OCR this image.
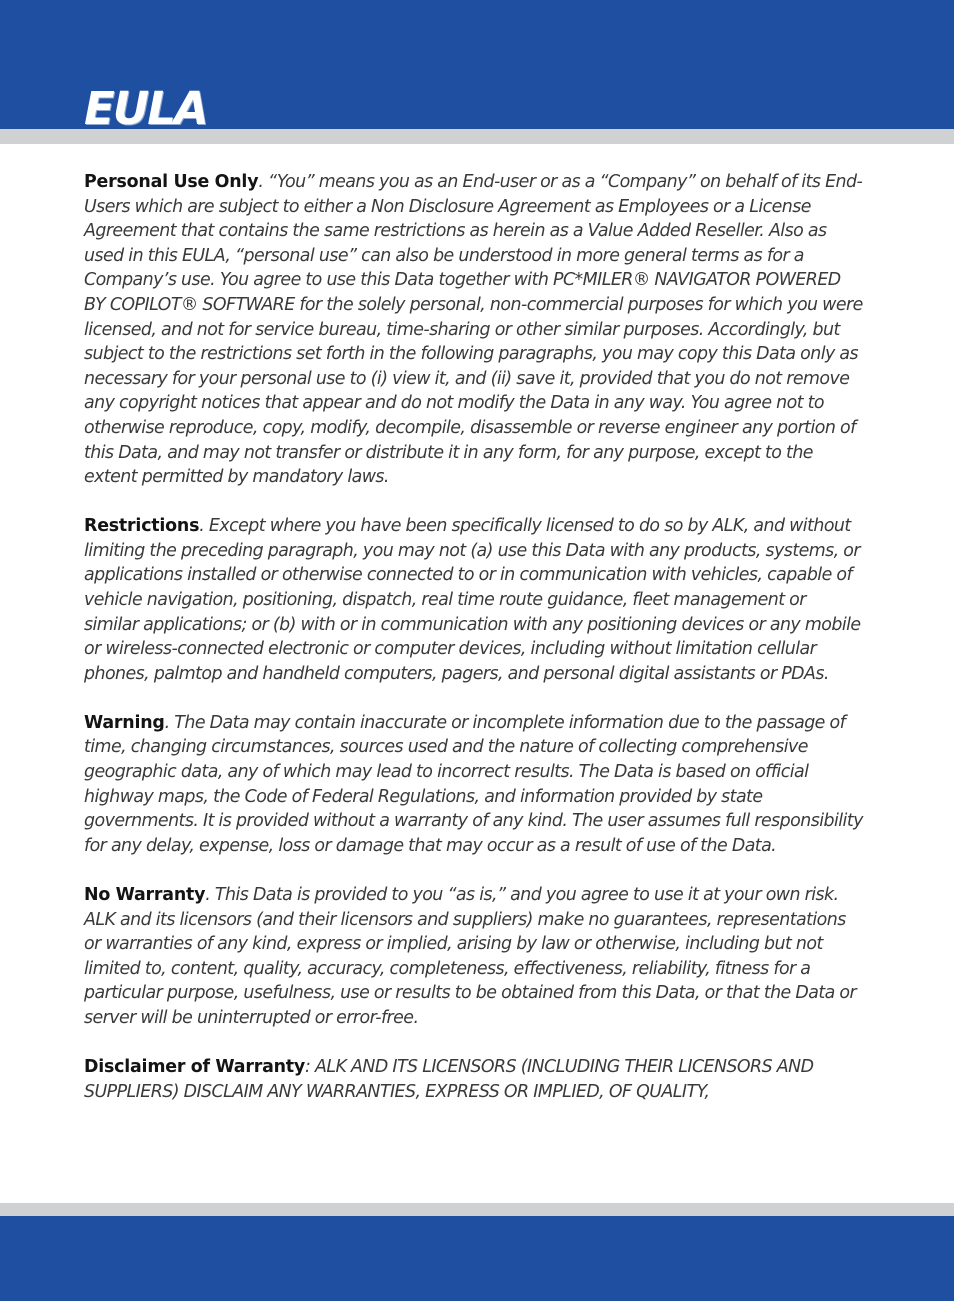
EULA

Personal Use Only. “You” means you as an End-user or as a “Company” on behalf of its End-Users which are subject to either a Non Disclosure Agreement as Employees or a License Agreement that contains the same restrictions as herein as a Value Added Reseller. Also as used in this EULA, “personal use” can also be understood in more general terms as for a Company’s use. You agree to use this Data together with PC*MILER® NAVIGATOR POWERED BY COPILOT® SOFTWARE for the solely personal, non-commercial purposes for which you were licensed, and not for service bureau, time-sharing or other similar purposes. Accordingly, but subject to the restrictions set forth in the following paragraphs, you may copy this Data only as necessary for your personal use to (i) view it, and (ii) save it, provided that you do not remove any copyright notices that appear and do not modify the Data in any way. You agree not to otherwise reproduce, copy, modify, decompile, disassemble or reverse engineer any portion of this Data, and may not transfer or distribute it in any form, for any purpose, except to the extent permitted by mandatory laws.

Restrictions. Except where you have been specifically licensed to do so by ALK, and without limiting the preceding paragraph, you may not (a) use this Data with any products, systems, or applications installed or otherwise connected to or in communication with vehicles, capable of vehicle navigation, positioning, dispatch, real time route guidance, fleet management or similar applications; or (b) with or in communication with any positioning devices or any mobile or wireless-connected electronic or computer devices, including without limitation cellular phones, palmtop and handheld computers, pagers, and personal digital assistants or PDAs.

Warning. The Data may contain inaccurate or incomplete information due to the passage of time, changing circumstances, sources used and the nature of collecting comprehensive geographic data, any of which may lead to incorrect results. The Data is based on official highway maps, the Code of Federal Regulations, and information provided by state governments. It is provided without a warranty of any kind. The user assumes full responsibility for any delay, expense, loss or damage that may occur as a result of use of the Data.

No Warranty. This Data is provided to you “as is,” and you agree to use it at your own risk. ALK and its licensors (and their licensors and suppliers) make no guarantees, representations or warranties of any kind, express or implied, arising by law or otherwise, including but not limited to, content, quality, accuracy, completeness, effectiveness, reliability, fitness for a particular purpose, usefulness, use or results to be obtained from this Data, or that the Data or server will be uninterrupted or error-free.

Disclaimer of Warranty: ALK AND ITS LICENSORS (INCLUDING THEIR LICENSORS AND SUPPLIERS) DISCLAIM ANY WARRANTIES, EXPRESS OR IMPLIED, OF QUALITY,
